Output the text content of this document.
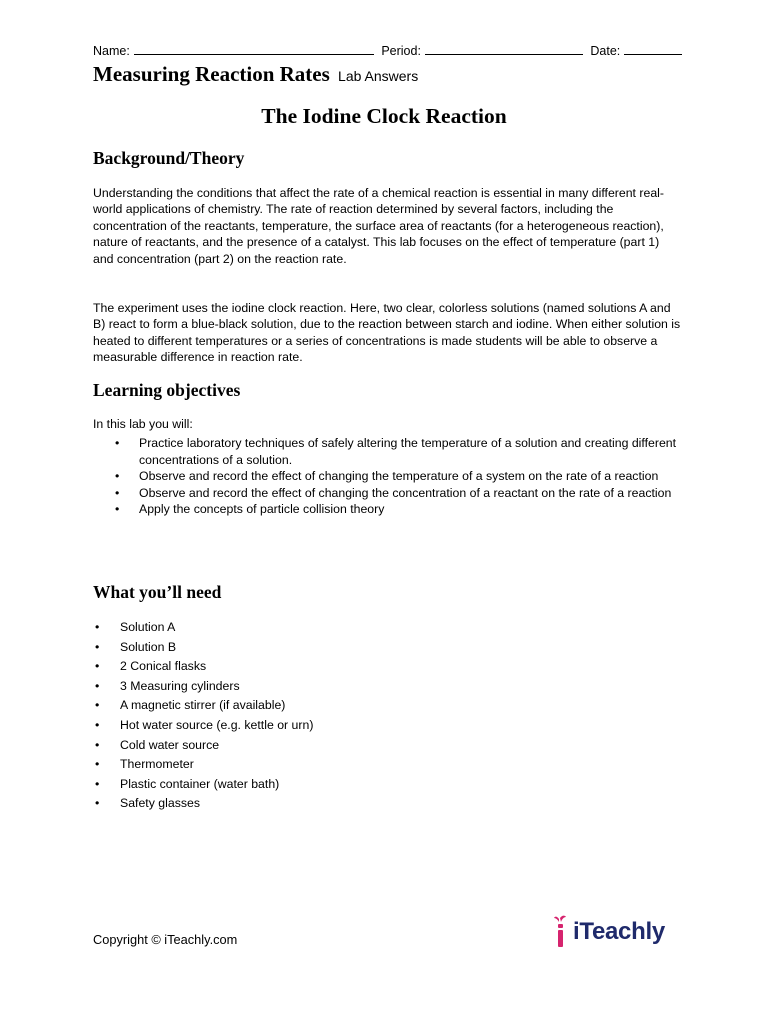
Name:	Period:	Date:
Measuring Reaction Rates Lab Answers
The Iodine Clock Reaction
Background/Theory

Understanding the conditions that affect the rate of a chemical reaction is essential in many different real-world applications of chemistry. The rate of reaction determined by several factors, including the concentration of the reactants, temperature, the surface area of reactants (for a heterogeneous reaction), nature of reactants, and the presence of a catalyst. This lab focuses on the effect of temperature (part 1) and concentration (part 2) on the reaction rate.

The experiment uses the iodine clock reaction. Here, two clear, colorless solutions (named solutions A and B) react to form a blue-black solution, due to the reaction between starch and iodine. When either solution is heated to different temperatures or a series of concentrations is made students will be able to observe a measurable difference in reaction rate.

Learning objectives

In this lab you will:

• Practice laboratory techniques of safely altering the temperature of a solution and creating different concentrations of a solution.
• Observe and record the effect of changing the temperature of a system on the rate of a reaction
• Observe and record the effect of changing the concentration of a reactant on the rate of a reaction
• Apply the concepts of particle collision theory
What you’ll need
• Solution A
• Solution B
• 2 Conical flasks
• 3 Measuring cylinders
• A magnetic stirrer (if available)
• Hot water source (e.g. kettle or urn)
• Cold water source
• Thermometer
• Plastic container (water bath)
• Safety glasses
Copyright © iTeachly.com	iTeachly
